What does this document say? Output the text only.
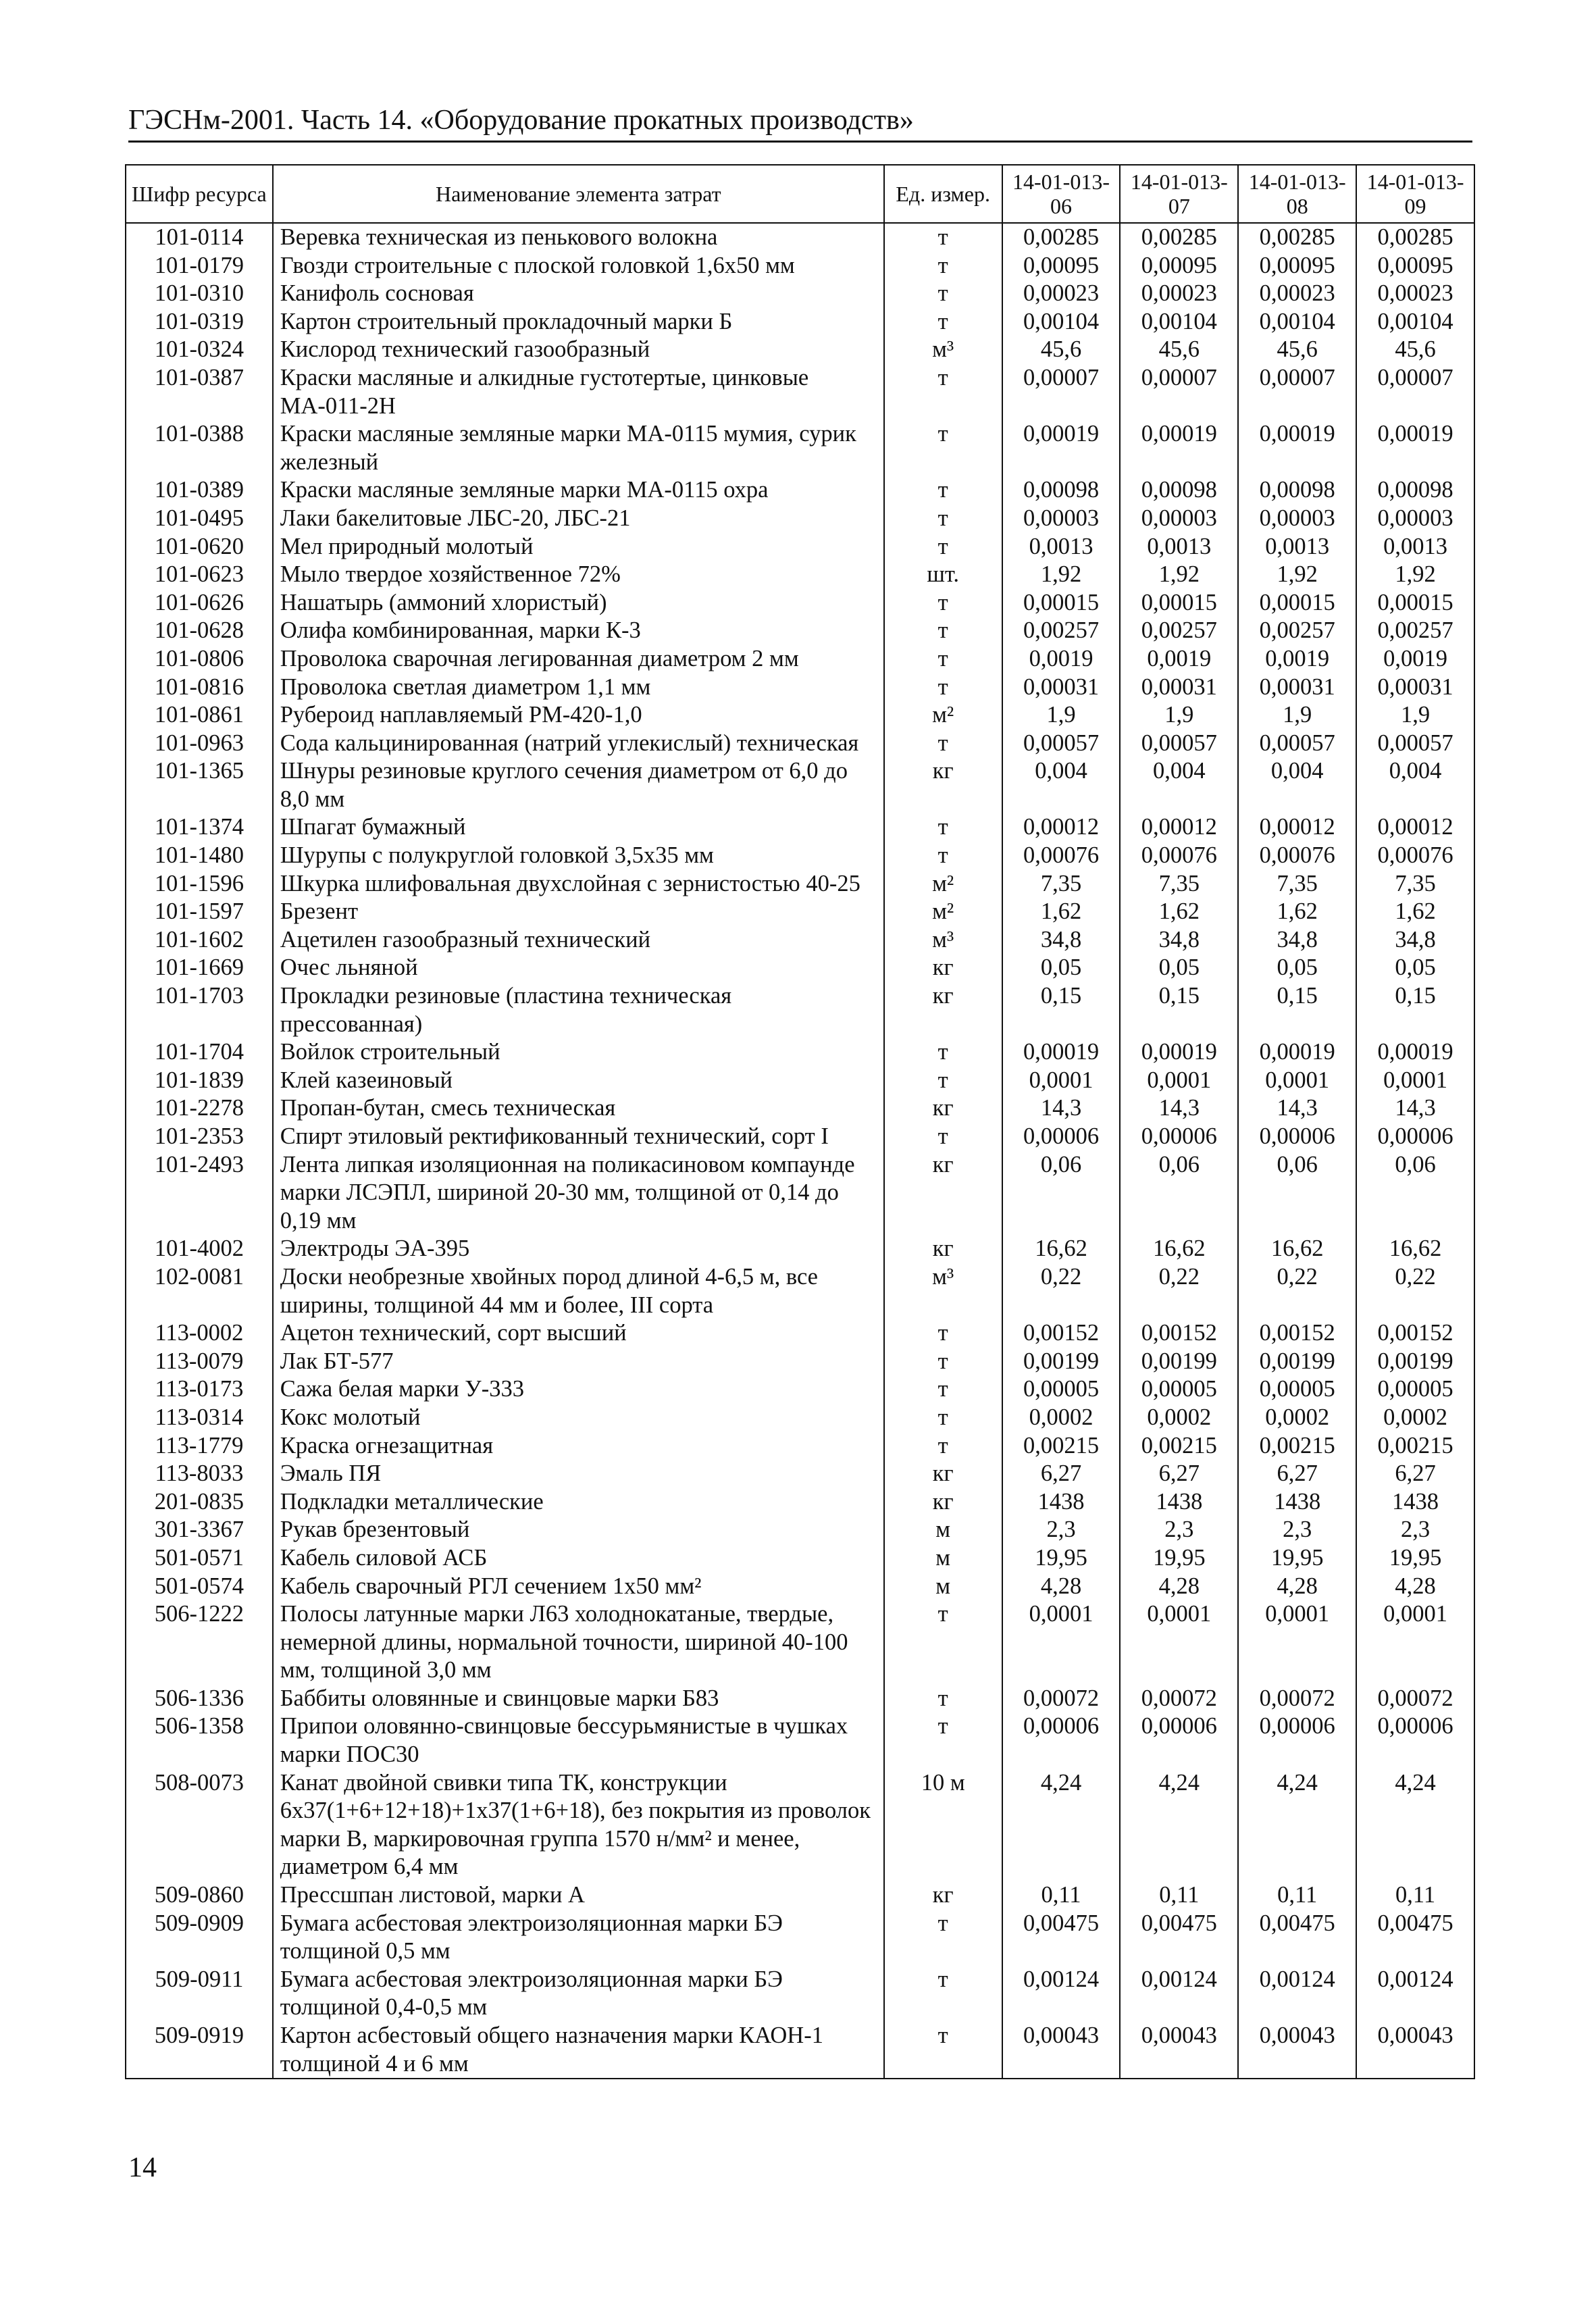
ГЭСНм-2001. Часть 14. «Оборудование прокатных производств»
Шифр ресурса	Наименование элемента затрат	Ед. измер.	14-01-013-06	14-01-013-07	14-01-013-08	14-01-013-09
101-0114	Веревка техническая из пенькового волокна	т	0,00285	0,00285	0,00285	0,00285
101-0179	Гвозди строительные с плоской головкой 1,6х50 мм	т	0,00095	0,00095	0,00095	0,00095
101-0310	Канифоль сосновая	т	0,00023	0,00023	0,00023	0,00023
101-0319	Картон строительный прокладочный марки Б	т	0,00104	0,00104	0,00104	0,00104
101-0324	Кислород технический газообразный	м³	45,6	45,6	45,6	45,6
101-0387	Краски масляные и алкидные густотертые, цинковые МА-011-2Н	т	0,00007	0,00007	0,00007	0,00007
101-0388	Краски масляные земляные марки МА-0115 мумия, сурик железный	т	0,00019	0,00019	0,00019	0,00019
101-0389	Краски масляные земляные марки МА-0115 охра	т	0,00098	0,00098	0,00098	0,00098
101-0495	Лаки бакелитовые ЛБС-20, ЛБС-21	т	0,00003	0,00003	0,00003	0,00003
101-0620	Мел природный молотый	т	0,0013	0,0013	0,0013	0,0013
101-0623	Мыло твердое хозяйственное 72%	шт.	1,92	1,92	1,92	1,92
101-0626	Нашатырь (аммоний хлористый)	т	0,00015	0,00015	0,00015	0,00015
101-0628	Олифа комбинированная, марки К-3	т	0,00257	0,00257	0,00257	0,00257
101-0806	Проволока сварочная легированная диаметром 2 мм	т	0,0019	0,0019	0,0019	0,0019
101-0816	Проволока светлая диаметром 1,1 мм	т	0,00031	0,00031	0,00031	0,00031
101-0861	Рубероид наплавляемый РМ-420-1,0	м²	1,9	1,9	1,9	1,9
101-0963	Сода кальцинированная (натрий углекислый) техническая	т	0,00057	0,00057	0,00057	0,00057
101-1365	Шнуры резиновые круглого сечения диаметром от 6,0 до 8,0 мм	кг	0,004	0,004	0,004	0,004
101-1374	Шпагат бумажный	т	0,00012	0,00012	0,00012	0,00012
101-1480	Шурупы с полукруглой головкой 3,5х35 мм	т	0,00076	0,00076	0,00076	0,00076
101-1596	Шкурка шлифовальная двухслойная с зернистостью 40-25	м²	7,35	7,35	7,35	7,35
101-1597	Брезент	м²	1,62	1,62	1,62	1,62
101-1602	Ацетилен газообразный технический	м³	34,8	34,8	34,8	34,8
101-1669	Очес льняной	кг	0,05	0,05	0,05	0,05
101-1703	Прокладки резиновые (пластина техническая прессованная)	кг	0,15	0,15	0,15	0,15
101-1704	Войлок строительный	т	0,00019	0,00019	0,00019	0,00019
101-1839	Клей казеиновый	т	0,0001	0,0001	0,0001	0,0001
101-2278	Пропан-бутан, смесь техническая	кг	14,3	14,3	14,3	14,3
101-2353	Спирт этиловый ректификованный технический, сорт I	т	0,00006	0,00006	0,00006	0,00006
101-2493	Лента липкая изоляционная на поликасиновом компаунде марки ЛСЭПЛ, шириной 20-30 мм, толщиной от 0,14 до 0,19 мм	кг	0,06	0,06	0,06	0,06
101-4002	Электроды ЭА-395	кг	16,62	16,62	16,62	16,62
102-0081	Доски необрезные хвойных пород длиной 4-6,5 м, все ширины, толщиной 44 мм и более, III сорта	м³	0,22	0,22	0,22	0,22
113-0002	Ацетон технический, сорт высший	т	0,00152	0,00152	0,00152	0,00152
113-0079	Лак БТ-577	т	0,00199	0,00199	0,00199	0,00199
113-0173	Сажа белая марки У-333	т	0,00005	0,00005	0,00005	0,00005
113-0314	Кокс молотый	т	0,0002	0,0002	0,0002	0,0002
113-1779	Краска огнезащитная	т	0,00215	0,00215	0,00215	0,00215
113-8033	Эмаль ПЯ	кг	6,27	6,27	6,27	6,27
201-0835	Подкладки металлические	кг	1438	1438	1438	1438
301-3367	Рукав брезентовый	м	2,3	2,3	2,3	2,3
501-0571	Кабель силовой АСБ	м	19,95	19,95	19,95	19,95
501-0574	Кабель сварочный РГЛ сечением 1х50 мм²	м	4,28	4,28	4,28	4,28
506-1222	Полосы латунные марки Л63 холоднокатаные, твердые, немерной длины, нормальной точности, шириной 40-100 мм, толщиной 3,0 мм	т	0,0001	0,0001	0,0001	0,0001
506-1336	Баббиты оловянные и свинцовые марки Б83	т	0,00072	0,00072	0,00072	0,00072
506-1358	Припои оловянно-свинцовые бессурьмянистые в чушках марки ПОС30	т	0,00006	0,00006	0,00006	0,00006
508-0073	Канат двойной свивки типа ТК, конструкции 6х37(1+6+12+18)+1х37(1+6+18), без покрытия из проволок марки В, маркировочная группа 1570 н/мм² и менее, диаметром 6,4 мм	10 м	4,24	4,24	4,24	4,24
509-0860	Прессшпан листовой, марки А	кг	0,11	0,11	0,11	0,11
509-0909	Бумага асбестовая электроизоляционная марки БЭ толщиной 0,5 мм	т	0,00475	0,00475	0,00475	0,00475
509-0911	Бумага асбестовая электроизоляционная марки БЭ толщиной 0,4-0,5 мм	т	0,00124	0,00124	0,00124	0,00124
509-0919	Картон асбестовый общего назначения марки КАОН-1 толщиной 4 и 6 мм	т	0,00043	0,00043	0,00043	0,00043
14
